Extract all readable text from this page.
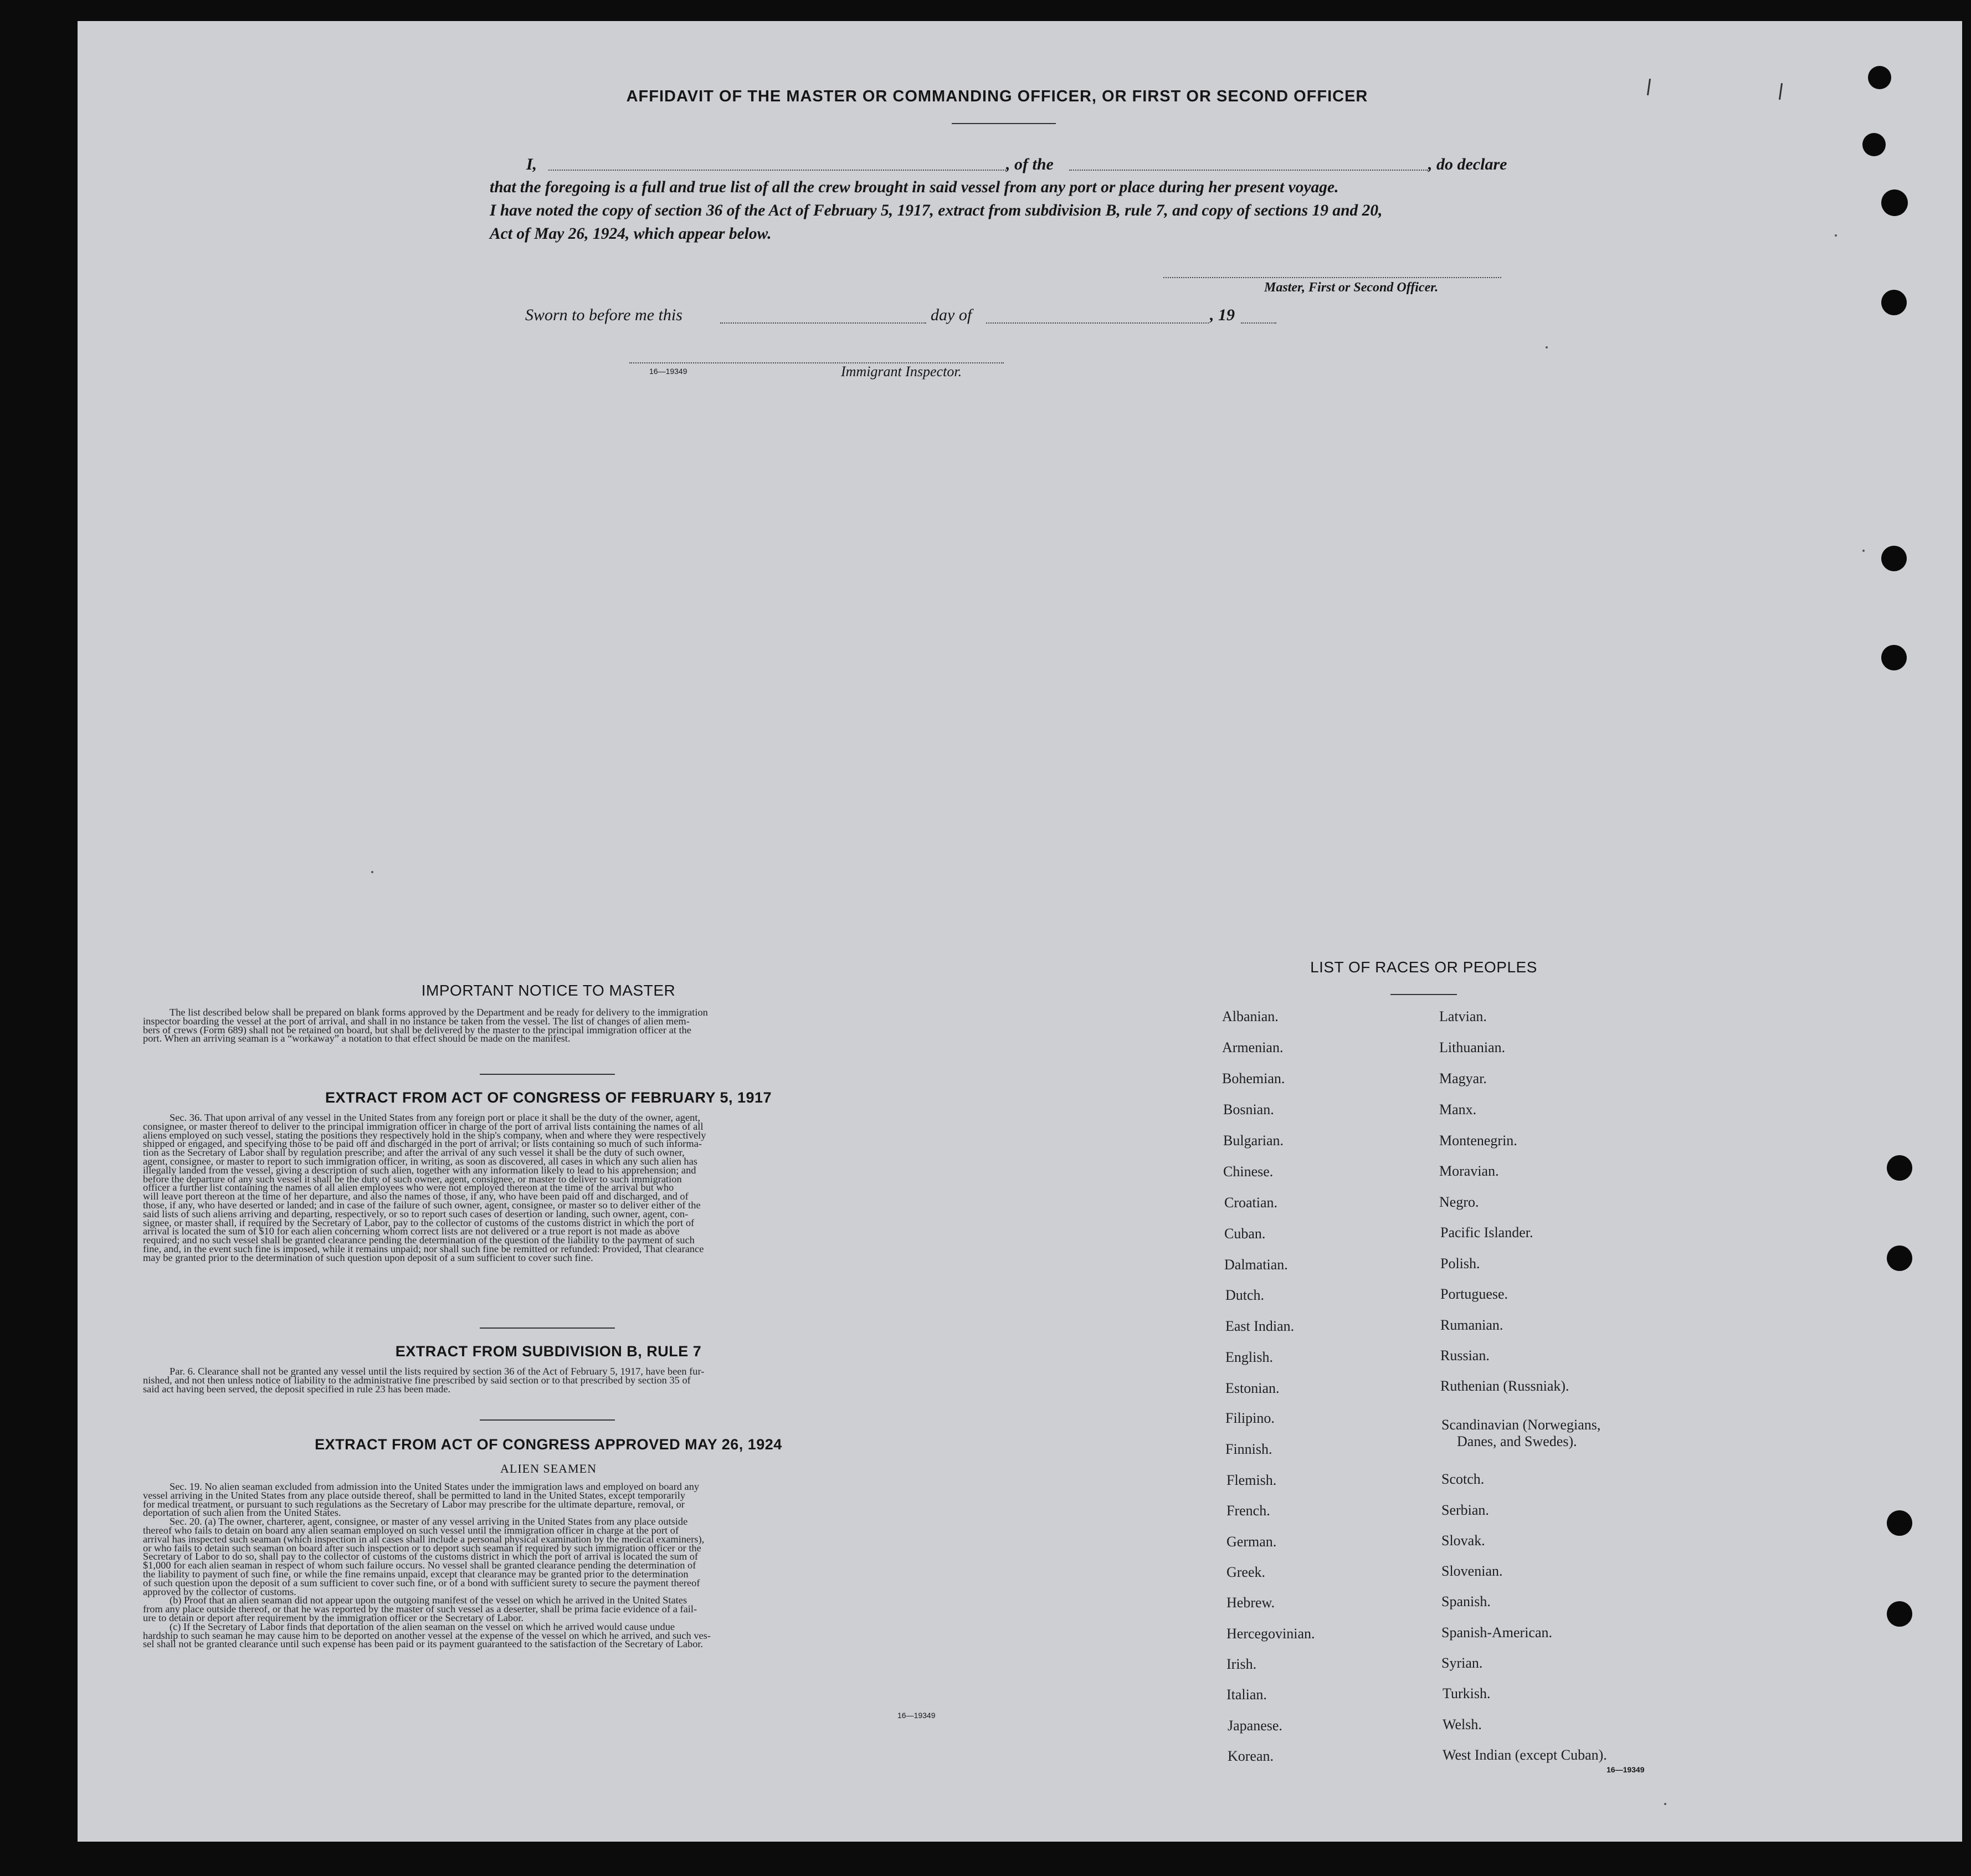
AFFIDAVIT OF THE MASTER OR COMMANDING OFFICER, OR FIRST OR SECOND OFFICER
I,	, of the	, do declare
that the foregoing is a full and true list of all the crew brought in said vessel from any port or place during her present voyage.
I have noted the copy of section 36 of the Act of February 5, 1917, extract from subdivision B, rule 7, and copy of sections 19 and 20,
Act of May 26, 1924, which appear below.
Master, First or Second Officer.
Sworn to before me this	day of	, 19
16—19349	Immigrant Inspector.
IMPORTANT NOTICE TO MASTER
The list described below shall be prepared on blank forms approved by the Department and be ready for delivery to the immigration
inspector boarding the vessel at the port of arrival, and shall in no instance be taken from the vessel. The list of changes of alien mem-
bers of crews (Form 689) shall not be retained on board, but shall be delivered by the master to the principal immigration officer at the
port. When an arriving seaman is a “workaway” a notation to that effect should be made on the manifest.
EXTRACT FROM ACT OF CONGRESS OF FEBRUARY 5, 1917
Sec. 36. That upon arrival of any vessel in the United States from any foreign port or place it shall be the duty of the owner, agent,
consignee, or master thereof to deliver to the principal immigration officer in charge of the port of arrival lists containing the names of all
aliens employed on such vessel, stating the positions they respectively hold in the ship's company, when and where they were respectively
shipped or engaged, and specifying those to be paid off and discharged in the port of arrival; or lists containing so much of such informa-
tion as the Secretary of Labor shall by regulation prescribe; and after the arrival of any such vessel it shall be the duty of such owner,
agent, consignee, or master to report to such immigration officer, in writing, as soon as discovered, all cases in which any such alien has
illegally landed from the vessel, giving a description of such alien, together with any information likely to lead to his apprehension; and
before the departure of any such vessel it shall be the duty of such owner, agent, consignee, or master to deliver to such immigration
officer a further list containing the names of all alien employees who were not employed thereon at the time of the arrival but who
will leave port thereon at the time of her departure, and also the names of those, if any, who have been paid off and discharged, and of
those, if any, who have deserted or landed; and in case of the failure of such owner, agent, consignee, or master so to deliver either of the
said lists of such aliens arriving and departing, respectively, or so to report such cases of desertion or landing, such owner, agent, con-
signee, or master shall, if required by the Secretary of Labor, pay to the collector of customs of the customs district in which the port of
arrival is located the sum of $10 for each alien concerning whom correct lists are not delivered or a true report is not made as above
required; and no such vessel shall be granted clearance pending the determination of the question of the liability to the payment of such
fine, and, in the event such fine is imposed, while it remains unpaid; nor shall such fine be remitted or refunded: Provided, That clearance
may be granted prior to the determination of such question upon deposit of a sum sufficient to cover such fine.
EXTRACT FROM SUBDIVISION B, RULE 7
Par. 6. Clearance shall not be granted any vessel until the lists required by section 36 of the Act of February 5, 1917, have been fur-
nished, and not then unless notice of liability to the administrative fine prescribed by said section or to that prescribed by section 35 of
said act having been served, the deposit specified in rule 23 has been made.
EXTRACT FROM ACT OF CONGRESS APPROVED MAY 26, 1924
ALIEN SEAMEN
Sec. 19. No alien seaman excluded from admission into the United States under the immigration laws and employed on board any
vessel arriving in the United States from any place outside thereof, shall be permitted to land in the United States, except temporarily
for medical treatment, or pursuant to such regulations as the Secretary of Labor may prescribe for the ultimate departure, removal, or
deportation of such alien from the United States.
Sec. 20. (a) The owner, charterer, agent, consignee, or master of any vessel arriving in the United States from any place outside
thereof who fails to detain on board any alien seaman employed on such vessel until the immigration officer in charge at the port of
arrival has inspected such seaman (which inspection in all cases shall include a personal physical examination by the medical examiners),
or who fails to detain such seaman on board after such inspection or to deport such seaman if required by such immigration officer or the
Secretary of Labor to do so, shall pay to the collector of customs of the customs district in which the port of arrival is located the sum of
$1,000 for each alien seaman in respect of whom such failure occurs. No vessel shall be granted clearance pending the determination of
the liability to payment of such fine, or while the fine remains unpaid, except that clearance may be granted prior to the determination
of such question upon the deposit of a sum sufficient to cover such fine, or of a bond with sufficient surety to secure the payment thereof
approved by the collector of customs.
(b) Proof that an alien seaman did not appear upon the outgoing manifest of the vessel on which he arrived in the United States
from any place outside thereof, or that he was reported by the master of such vessel as a deserter, shall be prima facie evidence of a fail-
ure to detain or deport after requirement by the immigration officer or the Secretary of Labor.
(c) If the Secretary of Labor finds that deportation of the alien seaman on the vessel on which he arrived would cause undue
hardship to such seaman he may cause him to be deported on another vessel at the expense of the vessel on which he arrived, and such ves-
sel shall not be granted clearance until such expense has been paid or its payment guaranteed to the satisfaction of the Secretary of Labor.
16—19349
LIST OF RACES OR PEOPLES
Albanian.
Armenian.
Bohemian.
Bosnian.
Bulgarian.
Chinese.
Croatian.
Cuban.
Dalmatian.
Dutch.
East Indian.
English.
Estonian.
Filipino.
Finnish.
Flemish.
French.
German.
Greek.
Hebrew.
Hercegovinian.
Irish.
Italian.
Japanese.
Korean.
Latvian.
Lithuanian.
Magyar.
Manx.
Montenegrin.
Moravian.
Negro.
Pacific Islander.
Polish.
Portuguese.
Rumanian.
Russian.
Ruthenian (Russniak).
Scandinavian (Norwegians,
Danes, and Swedes).
Scotch.
Serbian.
Slovak.
Slovenian.
Spanish.
Spanish-American.
Syrian.
Turkish.
Welsh.
West Indian (except Cuban).
16—19349
